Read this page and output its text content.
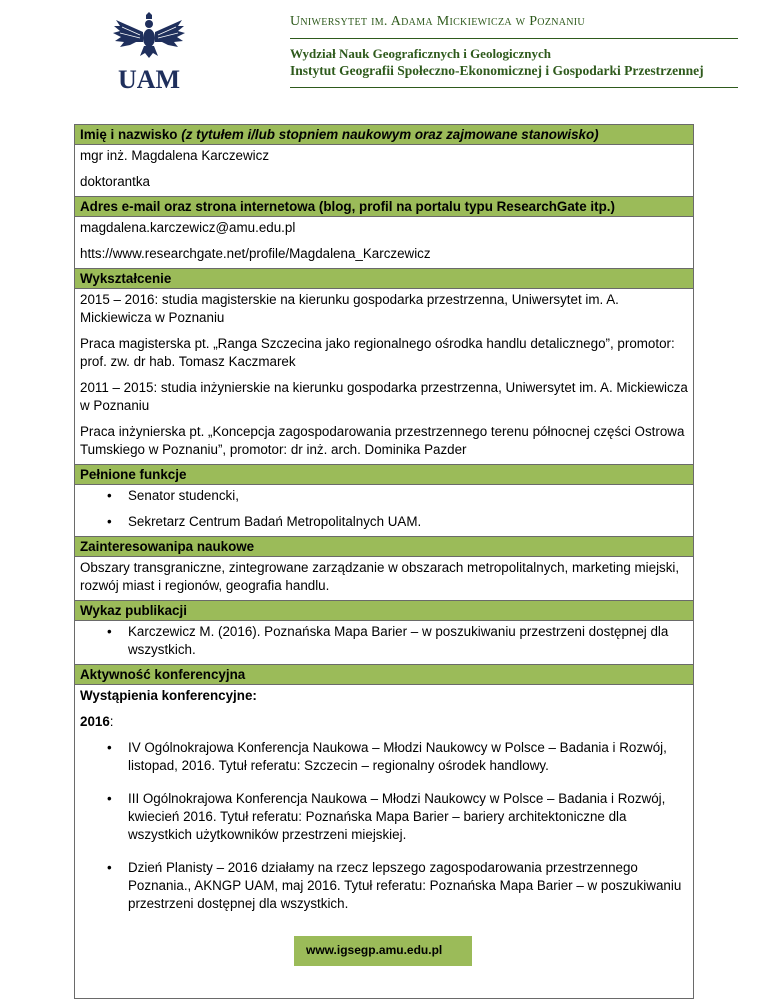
UAM
Uniwersytet im. Adama Mickiewicza w Poznaniu
Wydział Nauk Geograficznych i Geologicznych
Instytut Geografii Społeczno-Ekonomicznej i Gospodarki Przestrzennej
Imię i nazwisko (z tytułem i/lub stopniem naukowym oraz zajmowane stanowisko)

mgr inż. Magdalena Karczewicz

doktorantka

Adres e-mail oraz strona internetowa (blog, profil na portalu typu ResearchGate itp.)

magdalena.karczewicz@amu.edu.pl

htts://www.researchgate.net/profile/Magdalena_Karczewicz

Wykształcenie

2015 – 2016: studia magisterskie na kierunku gospodarka przestrzenna, Uniwersytet im. A. Mickiewicza w Poznaniu

Praca magisterska pt. „Ranga Szczecina jako regionalnego ośrodka handlu detalicznego”, promotor: prof. zw. dr hab. Tomasz Kaczmarek

2011 – 2015: studia inżynierskie na kierunku gospodarka przestrzenna, Uniwersytet im. A. Mickiewicza w Poznaniu

Praca inżynierska pt. „Koncepcja zagospodarowania przestrzennego terenu północnej części Ostrowa Tumskiego w Poznaniu”, promotor: dr inż. arch. Dominika Pazder

Pełnione funkcje
• Senator studencki,
• Sekretarz Centrum Badań Metropolitalnych UAM.
Zainteresowanipa naukowe

Obszary transgraniczne, zintegrowane zarządzanie w obszarach metropolitalnych, marketing miejski, rozwój miast i regionów, geografia handlu.

Wykaz publikacji
• Karczewicz M. (2016). Poznańska Mapa Barier – w poszukiwaniu przestrzeni dostępnej dla wszystkich.
Aktywność konferencyjna

Wystąpienia konferencyjne:

2016:

• IV Ogólnokrajowa Konferencja Naukowa – Młodzi Naukowcy w Polsce – Badania i Rozwój, listopad, 2016. Tytuł referatu: Szczecin – regionalny ośrodek handlowy.
• III Ogólnokrajowa Konferencja Naukowa – Młodzi Naukowcy w Polsce – Badania i Rozwój, kwiecień 2016. Tytuł referatu: Poznańska Mapa Barier – bariery architektoniczne dla wszystkich użytkowników przestrzeni miejskiej.
• Dzień Planisty – 2016 działamy na rzecz lepszego zagospodarowania przestrzennego Poznania., AKNGP UAM, maj 2016. Tytuł referatu: Poznańska Mapa Barier – w poszukiwaniu przestrzeni dostępnej dla wszystkich.
www.igsegp.amu.edu.pl
